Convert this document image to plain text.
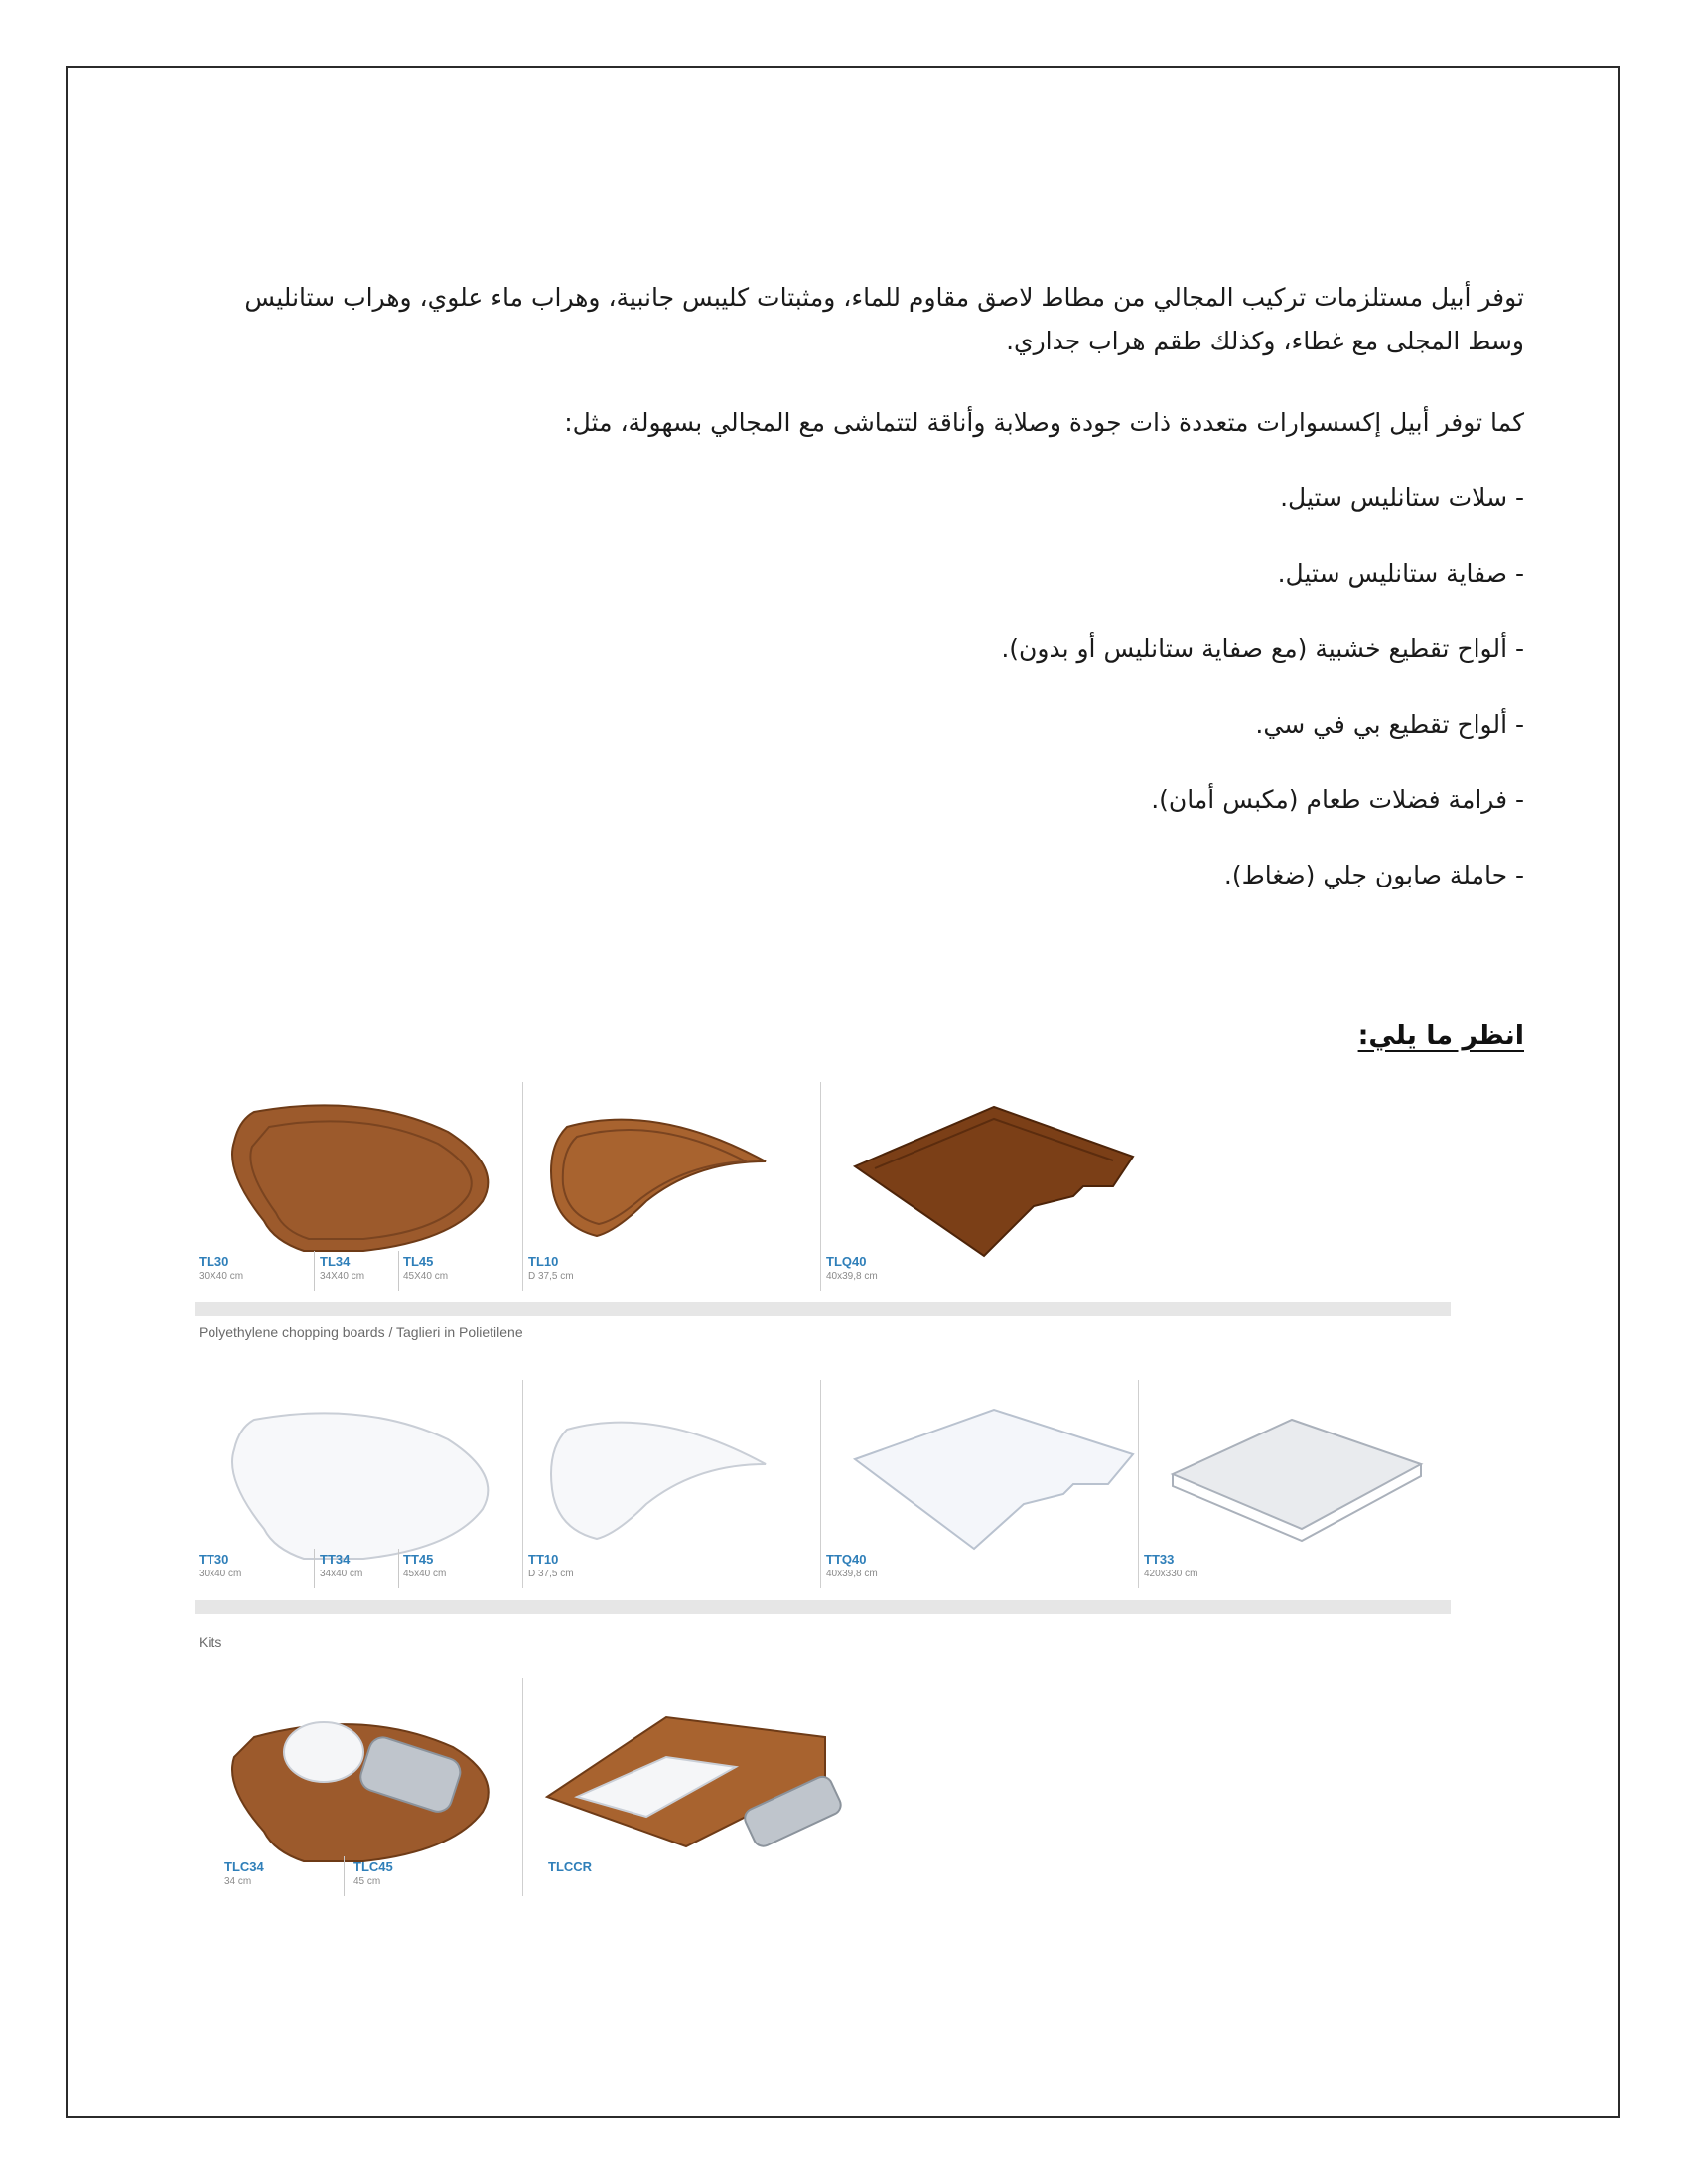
توفر أبيل مستلزمات تركيب المجالي من مطاط لاصق مقاوم للماء، ومثبتات كليبس جانبية، وهراب ماء علوي، وهراب ستانليس وسط المجلى مع غطاء، وكذلك طقم هراب جداري.
كما توفر أبيل إكسسوارات متعددة ذات جودة وصلابة وأناقة لتتماشى مع المجالي بسهولة، مثل:
- سلات ستانليس ستيل.
- صفاية ستانليس ستيل.
- ألواح تقطيع خشبية (مع صفاية ستانليس أو بدون).
- ألواح تقطيع بي في سي.
- فرامة فضلات طعام (مكبس أمان).
- حاملة صابون جلي (ضغاط).
انظر ما يلي:
TL30
30X40 cm
TL34
34X40 cm
TL45
45X40 cm
TL10
D 37,5 cm
TLQ40
40x39,8 cm
Polyethylene chopping boards / Taglieri in Polietilene
TT30
30x40 cm
TT34
34x40 cm
TT45
45x40 cm
TT10
D 37,5 cm
TTQ40
40x39,8 cm
TT33
420x330 cm
Kits
TLC34
34 cm
TLC45
45 cm
TLCCR
